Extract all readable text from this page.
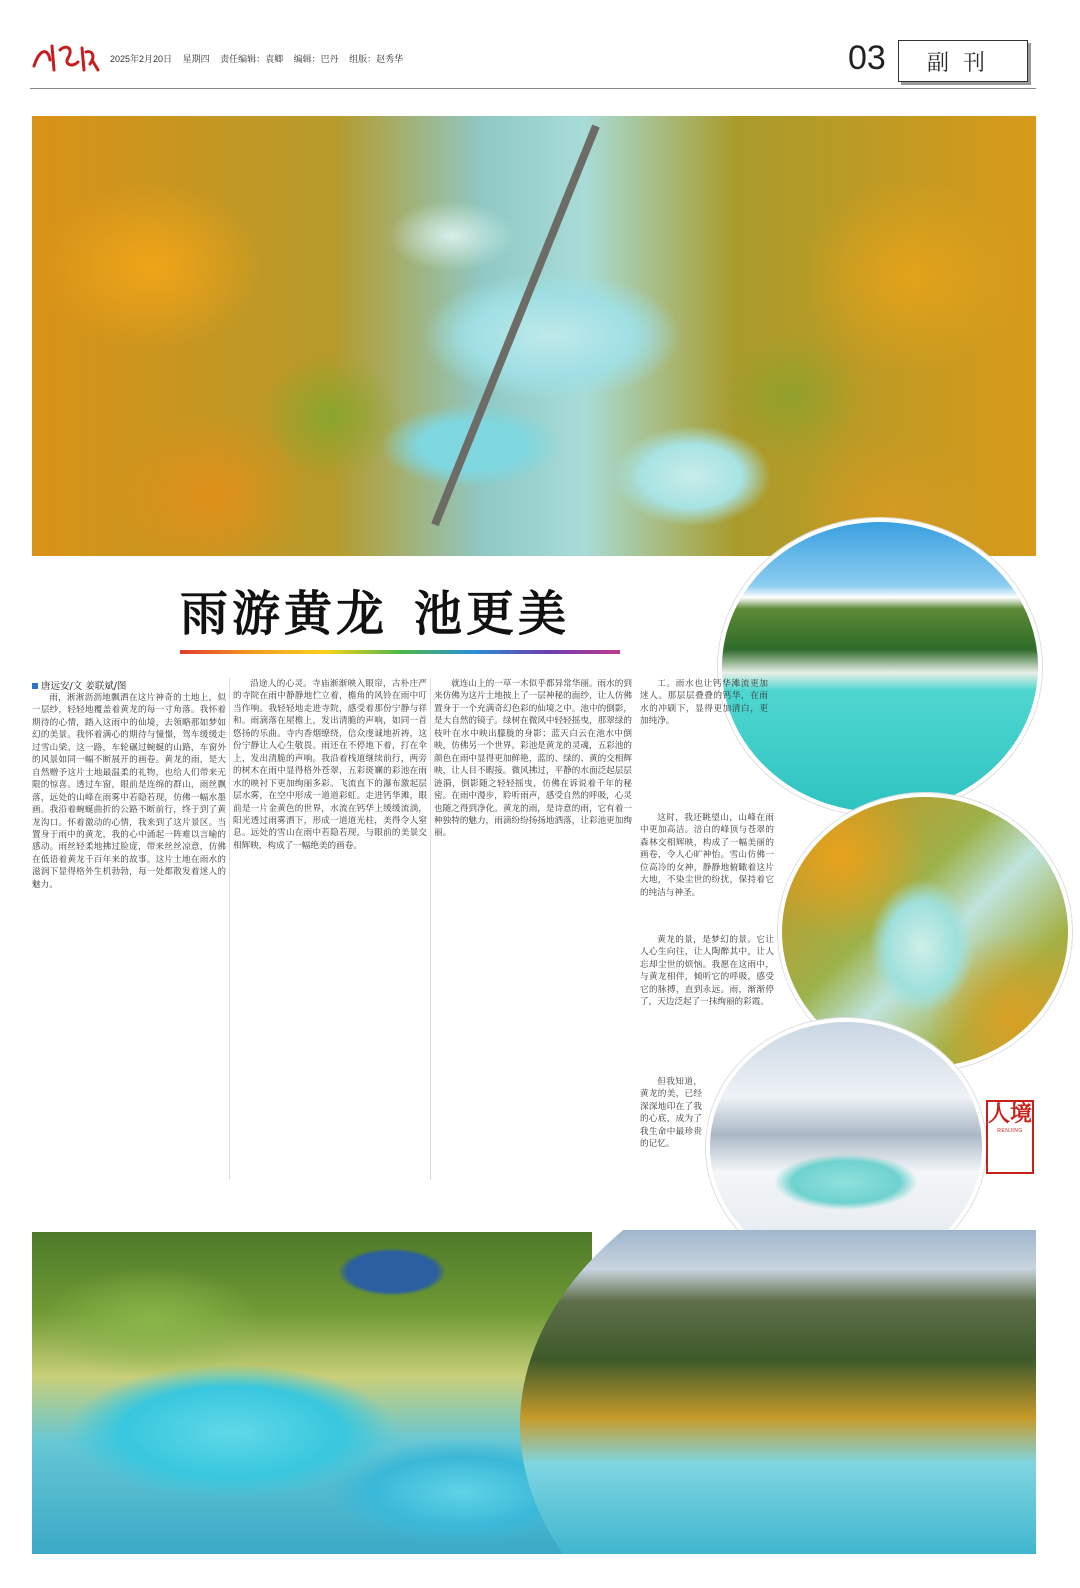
2025年2月20日 星期四 责任编辑：袁卿 编辑：巴丹 组版：赵秀华	03	副刊
雨游黄龙 池更美
唐远安/文 姜联斌/图

雨，淅淅沥沥地飘洒在这片神奇的土地上，似一层纱，轻轻地覆盖着黄龙的每一寸角落。我怀着期待的心情，踏入这雨中的仙境，去领略那如梦如幻的美景。我怀着满心的期待与憧憬，驾车缓缓走过雪山梁。这一路，车轮碾过蜿蜒的山路，车窗外的风景如同一幅不断展开的画卷。黄龙的雨，是大自然赠予这片土地最温柔的礼物，也给人们带来无限的惊喜。透过车窗，眼前是连绵的群山，雨丝飘落，远处的山峰在雨雾中若隐若现，仿佛一幅水墨画。我沿着蜿蜒曲折的公路不断前行，终于到了黄龙沟口。怀着激动的心情，我来到了这片景区。当置身于雨中的黄龙，我的心中涌起一阵难以言喻的感动。雨丝轻柔地拂过脸庞，带来丝丝凉意，仿佛在低语着黄龙千百年来的故事。这片土地在雨水的滋润下显得格外生机勃勃，每一处都散发着迷人的魅力。

沿途人的心灵。寺庙渐渐映入眼帘，古朴庄严的寺院在雨中静静地伫立着，檐角的风铃在雨中叮当作响。我轻轻地走进寺院，感受着那份宁静与祥和。雨滴落在屋檐上，发出清脆的声响，如同一首悠扬的乐曲。寺内香烟缭绕，信众虔诚地祈祷，这份宁静让人心生敬畏。雨还在不停地下着，打在伞上，发出清脆的声响。我沿着栈道继续前行，两旁的树木在雨中显得格外苍翠，五彩斑斓的彩池在雨水的映衬下更加绚丽多彩。飞流直下的瀑布激起层层水雾，在空中形成一道道彩虹。走进钙华滩，眼前是一片金黄色的世界，水流在钙华上缓缓流淌，阳光透过雨雾洒下，形成一道道光柱，美得令人窒息。远处的雪山在雨中若隐若现，与眼前的美景交相辉映，构成了一幅绝美的画卷。

就连山上的一草一木似乎都异常华丽。雨水的到来仿佛为这片土地披上了一层神秘的面纱，让人仿佛置身于一个充满奇幻色彩的仙境之中。池中的倒影，是大自然的镜子。绿树在微风中轻轻摇曳，那翠绿的枝叶在水中映出朦胧的身影；蓝天白云在池水中倒映，仿佛另一个世界。彩池是黄龙的灵魂，五彩池的颜色在雨中显得更加鲜艳，蓝的、绿的、黄的交相辉映，让人目不暇接。微风拂过，平静的水面泛起层层涟漪，倒影随之轻轻摇曳，仿佛在诉说着千年的秘密。在雨中漫步，聆听雨声，感受自然的呼吸，心灵也随之得到净化。黄龙的雨，是诗意的雨，它有着一种独特的魅力，雨滴纷纷扬扬地洒落，让彩池更加绚丽。

工。雨水也让钙华滩流更加迷人。那层层叠叠的钙华，在雨水的冲刷下，显得更加清白，更加纯净。

这时，我还眺望山，山峰在雨中更加高洁。涪白的峰顶与苍翠的森林交相辉映，构成了一幅美丽的画卷，令人心旷神怡。雪山仿佛一位高冷的女神，静静地俯瞰着这片大地，不染尘世的纷扰，保持着它的纯洁与神圣。

黄龙的景，是梦幻的景。它让人心生向往，让人陶醉其中，让人忘却尘世的烦恼。我愿在这雨中，与黄龙相伴，倾听它的呼吸，感受它的脉搏，直到永远。雨，渐渐停了，天边泛起了一抹绚丽的彩霞。

但我知道，黄龙的美，已经深深地印在了我的心底，成为了我生命中最珍贵的记忆。

人境
RENJING
